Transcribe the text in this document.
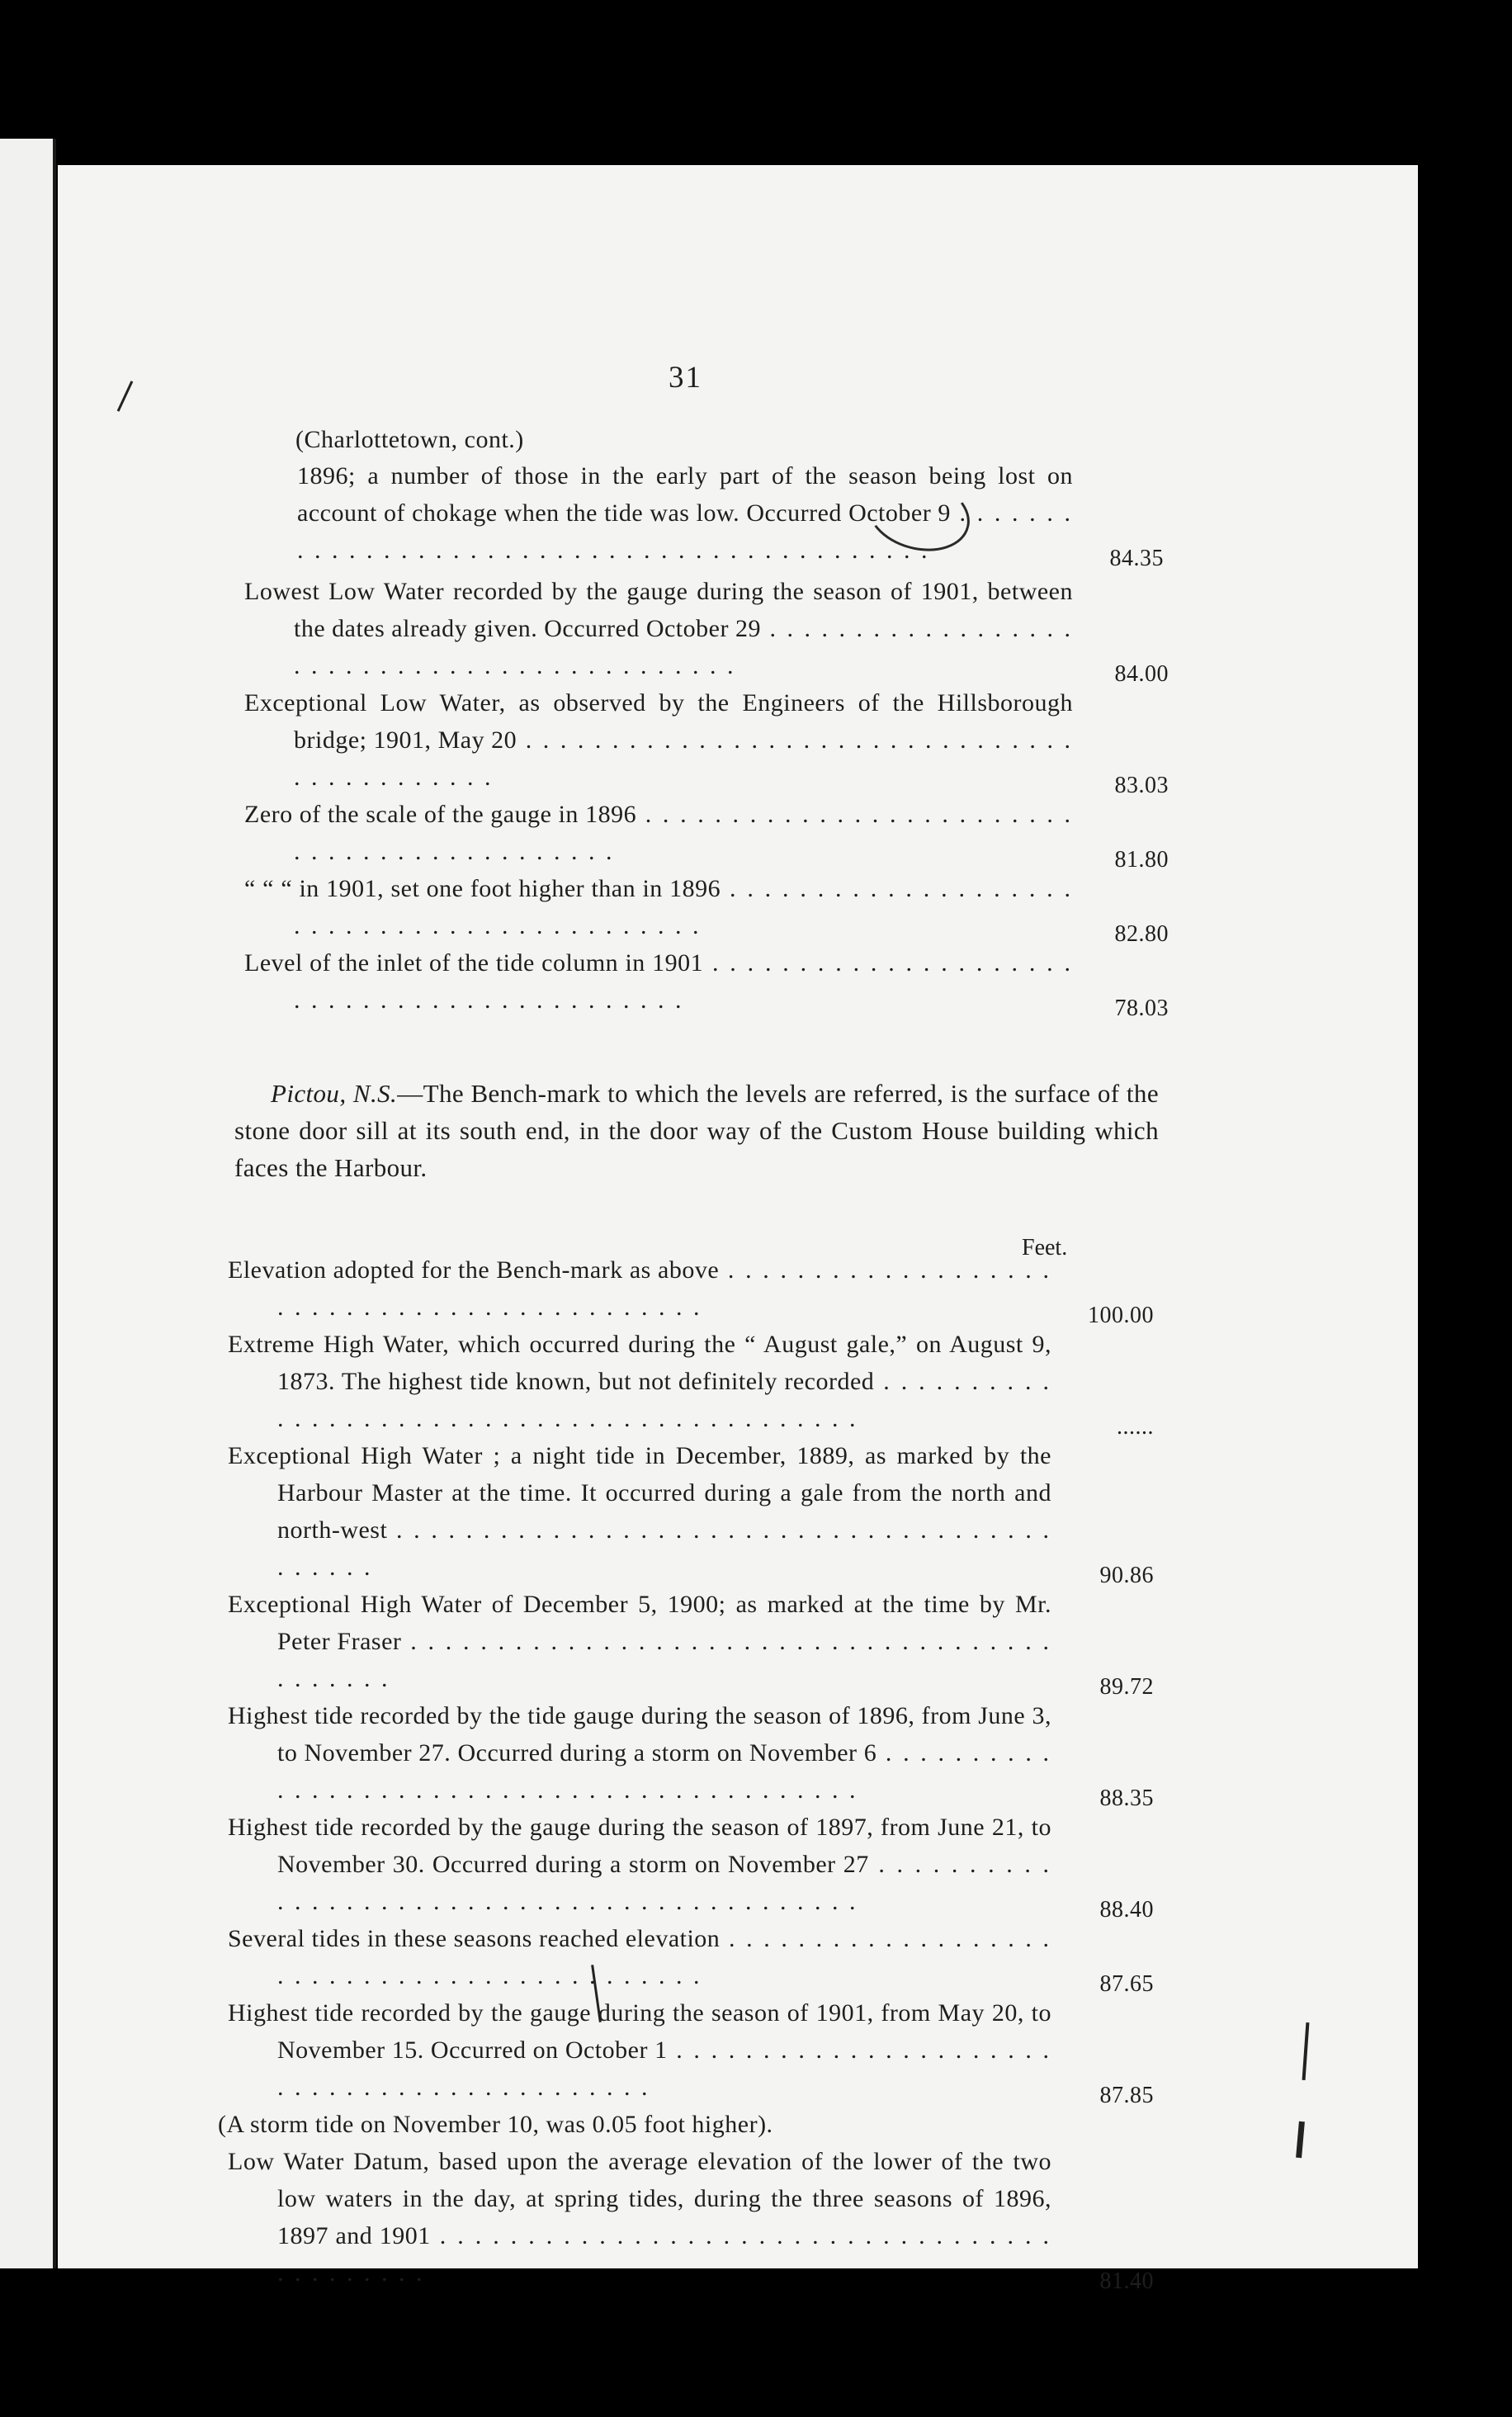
31
(Charlottetown, cont.)
1896; a number of those in the early part of the season being lost on account of chokage when the tide was low. Occurred October 9 . . .
84.35
Lowest Low Water recorded by the gauge during the season of 1901, between the dates already given. Occurred October 29 . . .
84.00
Exceptional Low Water, as observed by the Engineers of the Hillsborough bridge; 1901, May 20 . . .
83.03
Zero of the scale of the gauge in 1896 . . .
81.80
“ “ “ in 1901, set one foot higher than in 1896 . . .
82.80
Level of the inlet of the tide column in 1901 . . .
78.03
Pictou, N.S.—The Bench-mark to which the levels are referred, is the surface of the stone door sill at its south end, in the door way of the Custom House building which faces the Harbour.
Feet.
Elevation adopted for the Bench-mark as above . . .
100.00
Extreme High Water, which occurred during the “ August gale,” on August 9, 1873. The highest tide known, but not definitely recorded . . .
......
Exceptional High Water ; a night tide in December, 1889, as marked by the Harbour Master at the time. It occurred during a gale from the north and north-west . . .
90.86
Exceptional High Water of December 5, 1900; as marked at the time by Mr. Peter Fraser . . .
89.72
Highest tide recorded by the tide gauge during the season of 1896, from June 3, to November 27. Occurred during a storm on November 6 . . .
88.35
Highest tide recorded by the gauge during the season of 1897, from June 21, to November 30. Occurred during a storm on November 27 . . .
88.40
Several tides in these seasons reached elevation . . .
87.65
Highest tide recorded by the gauge during the season of 1901, from May 20, to November 15. Occurred on October 1 . . .
87.85
(A storm tide on November 10, was 0.05 foot higher).
Low Water Datum, based upon the average elevation of the lower of the two low waters in the day, at spring tides, during the three seasons of 1896, 1897 and 1901 . . .
81.40
